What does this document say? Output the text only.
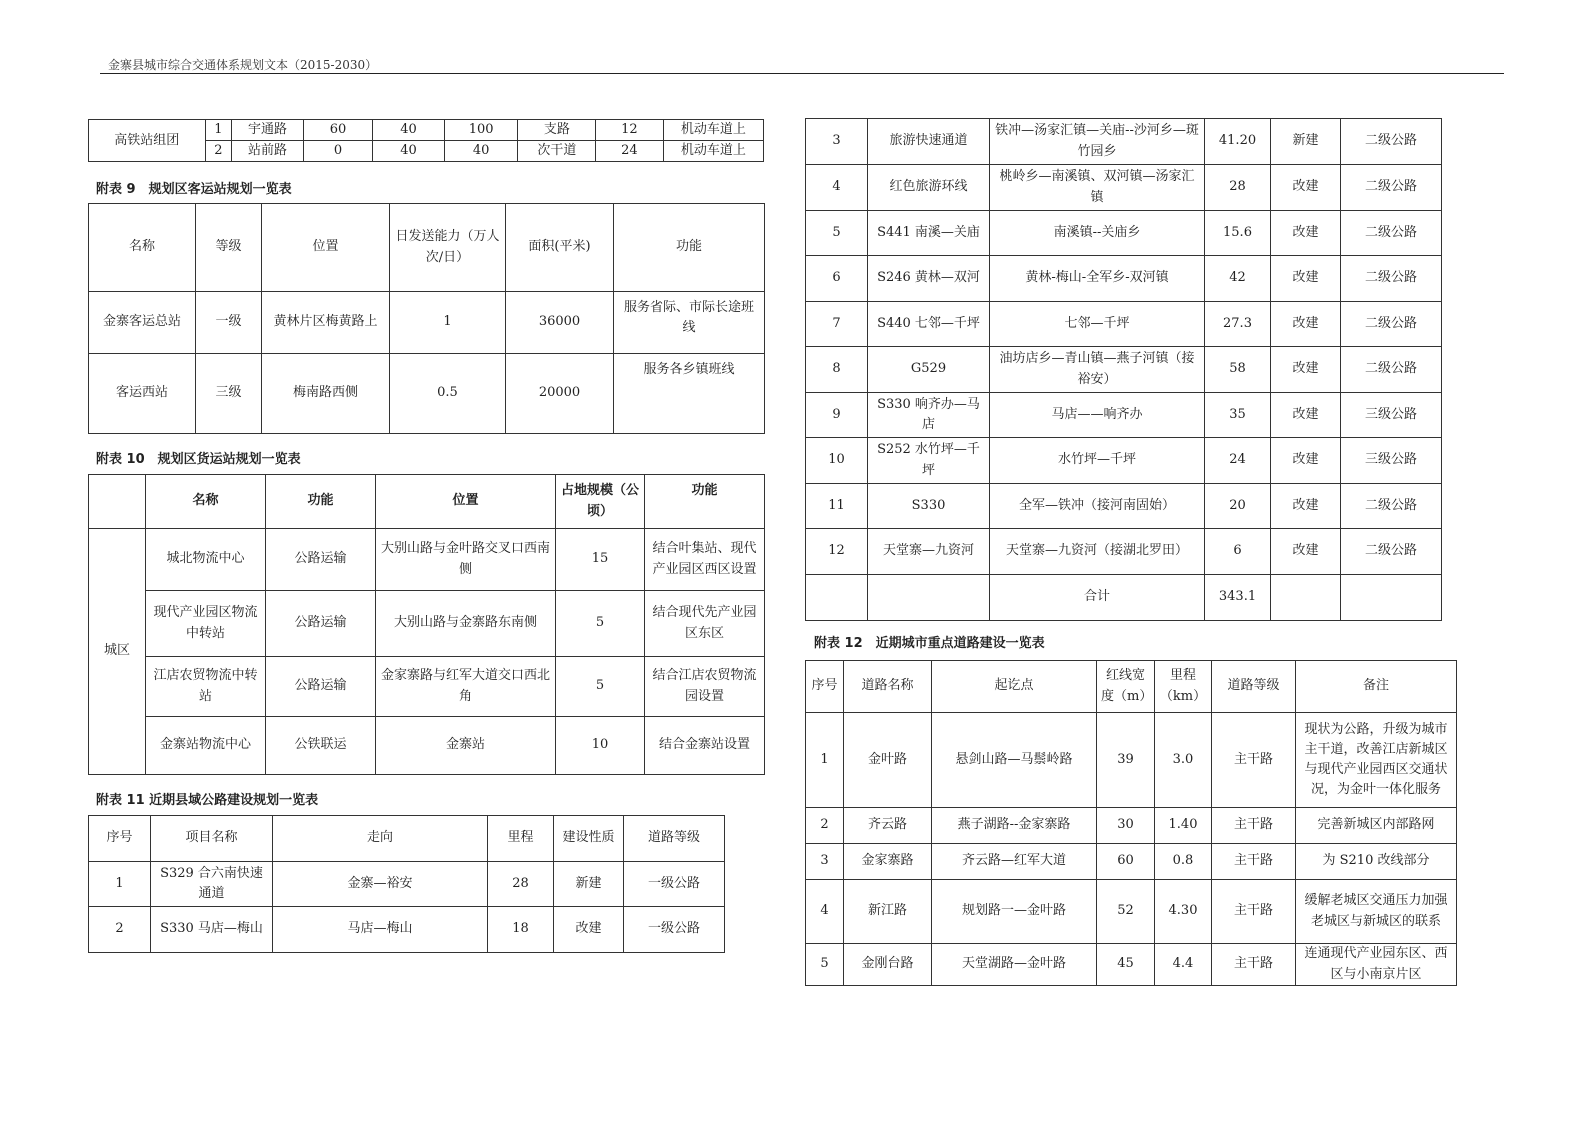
金寨县城市综合交通体系规划文本（2015-2030）
高铁站组团	1	宇通路	60	40	100	支路	12	机动车道上
	2	站前路	0	40	40	次干道	24	机动车道上
附表 9　规划区客运站规划一览表
名称	等级	位置	日发送能力（万人次/日）	面积(平米)	功能
金寨客运总站	一级	黄林片区梅黄路上	1	36000	服务省际、市际长途班线
客运西站	三级	梅南路西侧	0.5	20000	服务各乡镇班线
附表 10　规划区货运站规划一览表
	名称	功能	位置	占地规模（公顷）	功能
城区	城北物流中心	公路运输	大别山路与金叶路交叉口西南侧	15	结合叶集站、现代产业园区西区设置
	现代产业园区物流中转站	公路运输	大别山路与金寨路东南侧	5	结合现代先产业园区东区
	江店农贸物流中转站	公路运输	金家寨路与红军大道交口西北角	5	结合江店农贸物流园设置
	金寨站物流中心	公铁联运	金寨站	10	结合金寨站设置
附表 11 近期县域公路建设规划一览表
序号	项目名称	走向	里程	建设性质	道路等级
1	S329 合六南快速通道	金寨—裕安	28	新建	一级公路
2	S330 马店—梅山	马店—梅山	18	改建	一级公路
3	旅游快速通道	铁冲—汤家汇镇—关庙--沙河乡—斑竹园乡	41.20	新建	二级公路
4	红色旅游环线	桃岭乡—南溪镇、双河镇—汤家汇镇	28	改建	二级公路
5	S441 南溪—关庙	南溪镇--关庙乡	15.6	改建	二级公路
6	S246 黄林—双河	黄林-梅山-全军乡-双河镇	42	改建	二级公路
7	S440 七邻—千坪	七邻—千坪	27.3	改建	二级公路
8	G529	油坊店乡—青山镇—燕子河镇（接裕安）	58	改建	二级公路
9	S330 响齐办—马店	马店——响齐办	35	改建	三级公路
10	S252 水竹坪—千坪	水竹坪—千坪	24	改建	三级公路
11	S330	全军—铁冲（接河南固始）	20	改建	二级公路
12	天堂寨—九资河	天堂寨—九资河（接湖北罗田）	6	改建	二级公路
		合计	343.1		
附表 12　近期城市重点道路建设一览表
序号	道路名称	起讫点	红线宽度（m）	里程（km）	道路等级	备注
1	金叶路	悬剑山路—马鬃岭路	39	3.0	主干路	现状为公路，升级为城市主干道，改善江店新城区与现代产业园西区交通状况，为金叶一体化服务
2	齐云路	燕子湖路--金家寨路	30	1.40	主干路	完善新城区内部路网
3	金家寨路	齐云路—红军大道	60	0.8	主干路	为 S210 改线部分
4	新江路	规划路一—金叶路	52	4.30	主干路	缓解老城区交通压力加强老城区与新城区的联系
5	金刚台路	天堂湖路—金叶路	45	4.4	主干路	连通现代产业园东区、西区与小南京片区
